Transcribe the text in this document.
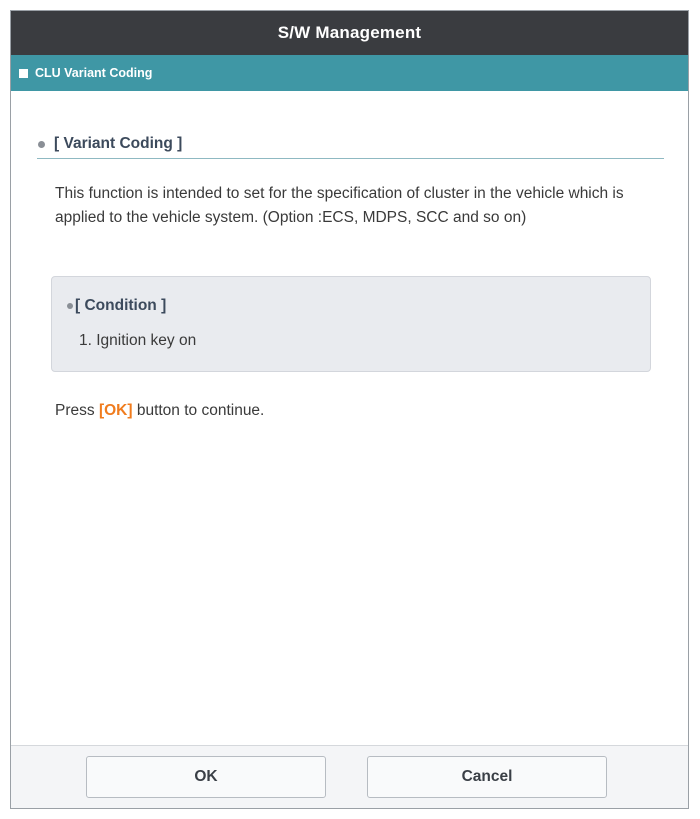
S/W Management
CLU Variant Coding
[ Variant Coding ]
This function is intended to set for the specification of cluster in the vehicle which is applied to the vehicle system. (Option :ECS, MDPS, SCC and so on)
[ Condition ]
1. Ignition key on
Press [OK] button to continue.
OK	Cancel
